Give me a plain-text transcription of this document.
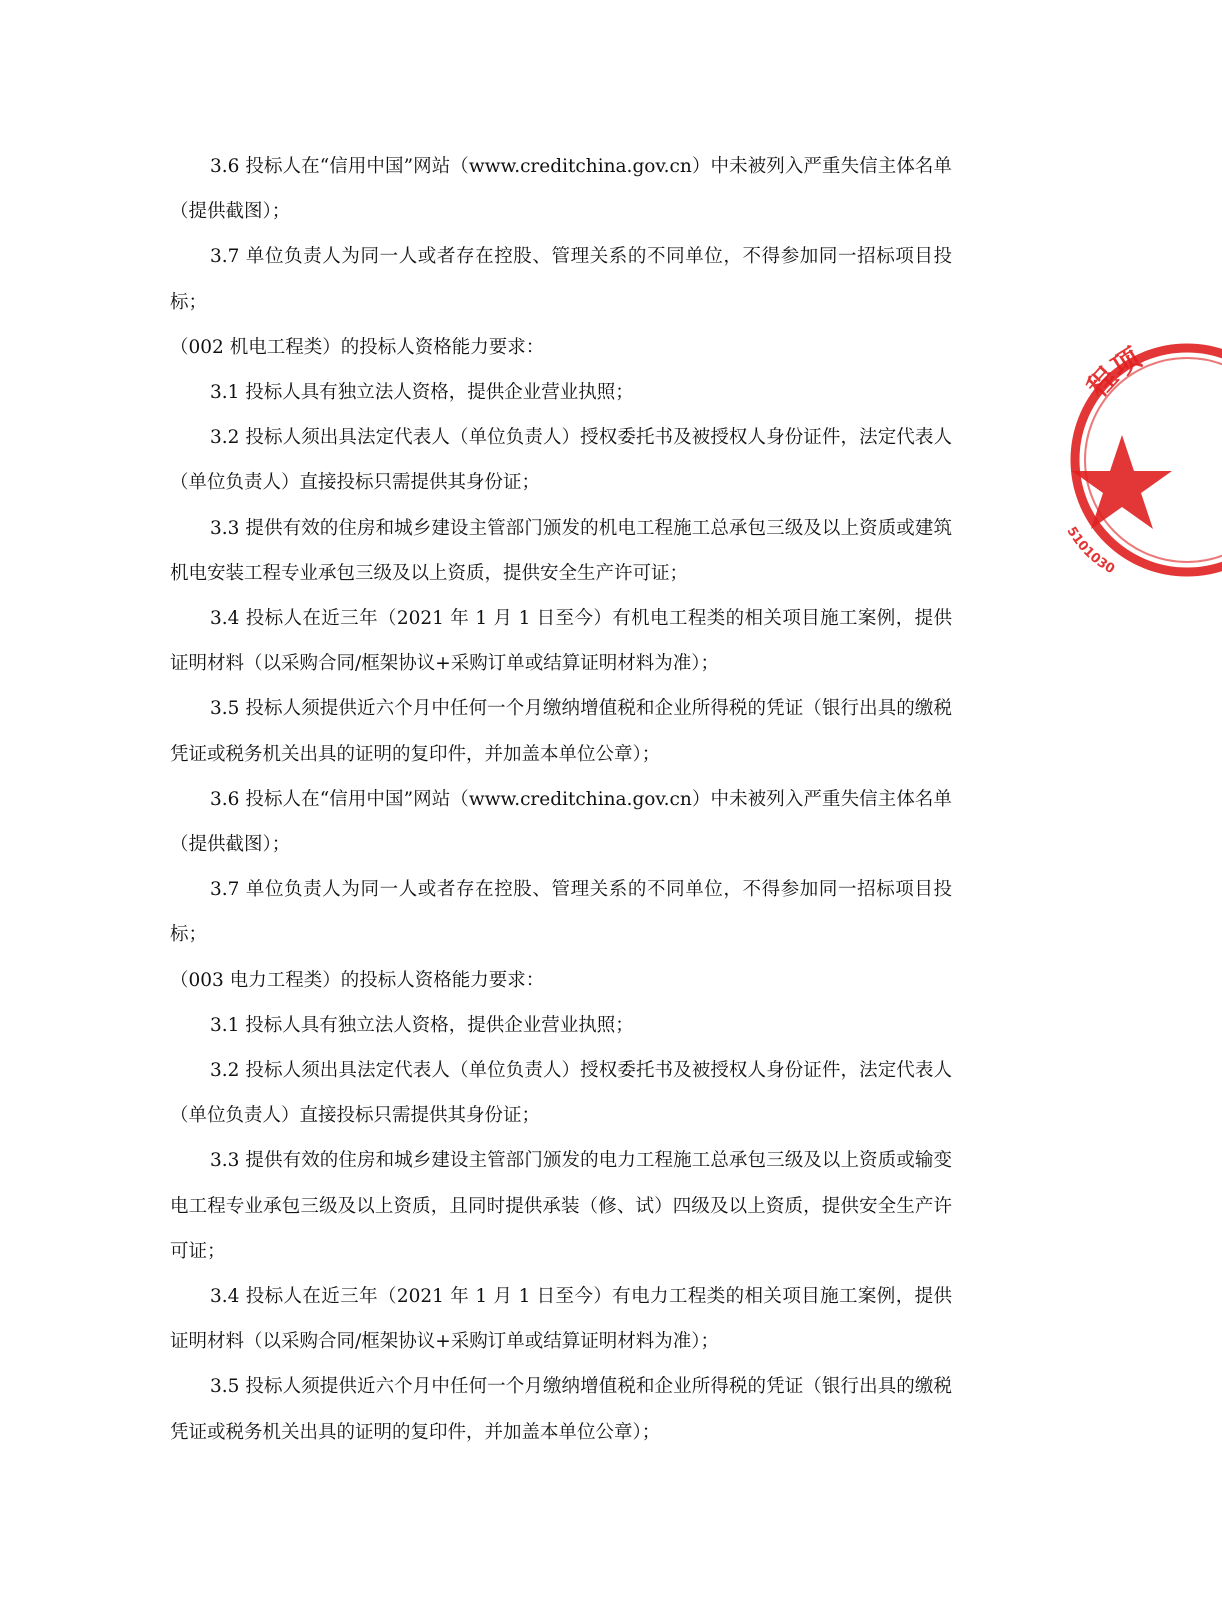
3.6 投标人在“信用中国”网站（www.creditchina.gov.cn）中未被列入严重失信主体名单（提供截图）；

3.7 单位负责人为同一人或者存在控股、管理关系的不同单位，不得参加同一招标项目投标；

（002 机电工程类）的投标人资格能力要求：

3.1 投标人具有独立法人资格，提供企业营业执照；

3.2 投标人须出具法定代表人（单位负责人）授权委托书及被授权人身份证件，法定代表人（单位负责人）直接投标只需提供其身份证；

3.3 提供有效的住房和城乡建设主管部门颁发的机电工程施工总承包三级及以上资质或建筑机电安装工程专业承包三级及以上资质，提供安全生产许可证；

3.4 投标人在近三年（2021 年 1 月 1 日至今）有机电工程类的相关项目施工案例，提供证明材料（以采购合同/框架协议+采购订单或结算证明材料为准）；

3.5 投标人须提供近六个月中任何一个月缴纳增值税和企业所得税的凭证（银行出具的缴税凭证或税务机关出具的证明的复印件，并加盖本单位公章）；

3.6 投标人在“信用中国”网站（www.creditchina.gov.cn）中未被列入严重失信主体名单（提供截图）；

3.7 单位负责人为同一人或者存在控股、管理关系的不同单位，不得参加同一招标项目投标；

（003 电力工程类）的投标人资格能力要求：

3.1 投标人具有独立法人资格，提供企业营业执照；

3.2 投标人须出具法定代表人（单位负责人）授权委托书及被授权人身份证件，法定代表人（单位负责人）直接投标只需提供其身份证；

3.3 提供有效的住房和城乡建设主管部门颁发的电力工程施工总承包三级及以上资质或输变电工程专业承包三级及以上资质，且同时提供承装（修、试）四级及以上资质，提供安全生产许可证；

3.4 投标人在近三年（2021 年 1 月 1 日至今）有电力工程类的相关项目施工案例，提供证明材料（以采购合同/框架协议+采购订单或结算证明材料为准）；

3.5 投标人须提供近六个月中任何一个月缴纳增值税和企业所得税的凭证（银行出具的缴税凭证或税务机关出具的证明的复印件，并加盖本单位公章）；

程项
5101030
